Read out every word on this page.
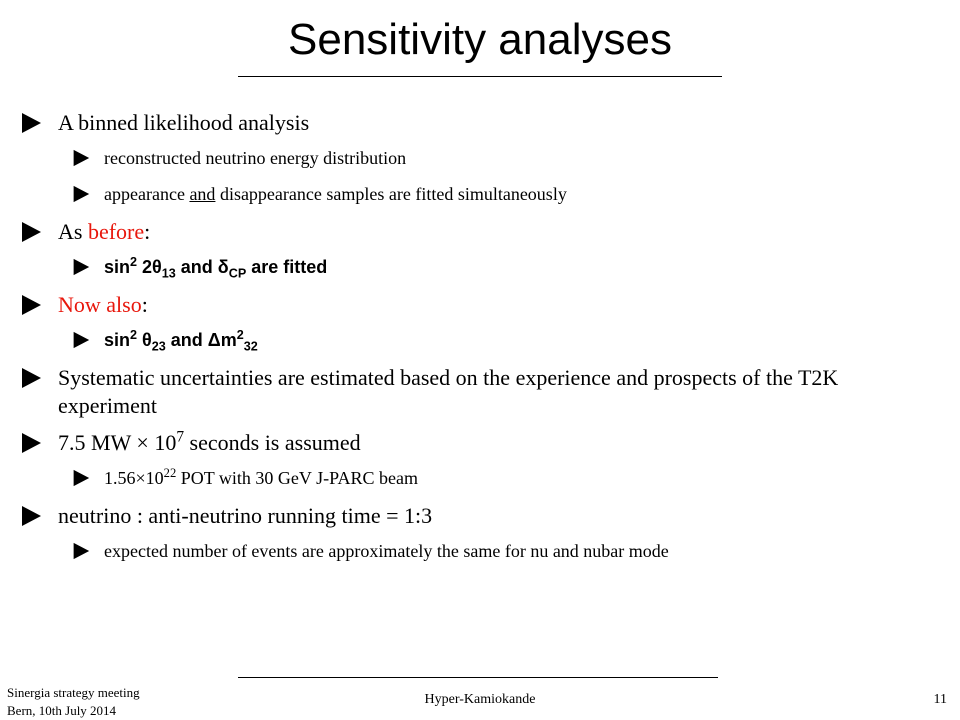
Sensitivity analyses
A binned likelihood analysis
reconstructed neutrino energy distribution
appearance and disappearance samples are fitted simultaneously
As before:
$\sin^2 2\theta_{13}$ and $\delta_{CP}$ are fitted
Now also:
$\sin^2 \theta_{23}$ and $\Delta m^2_{32}$
Systematic uncertainties are estimated based on the experience and prospects of the T2K experiment
7.5 MW × $10^7$ seconds is assumed
$1.56\times 10^{22}$ POT with 30 GeV J-PARC beam
neutrino : anti-neutrino running time = 1:3
expected number of events are approximately the same for nu and nubar mode
Sinergia strategy meeting
Bern, 10th July 2014
Hyper-Kamiokande	11
